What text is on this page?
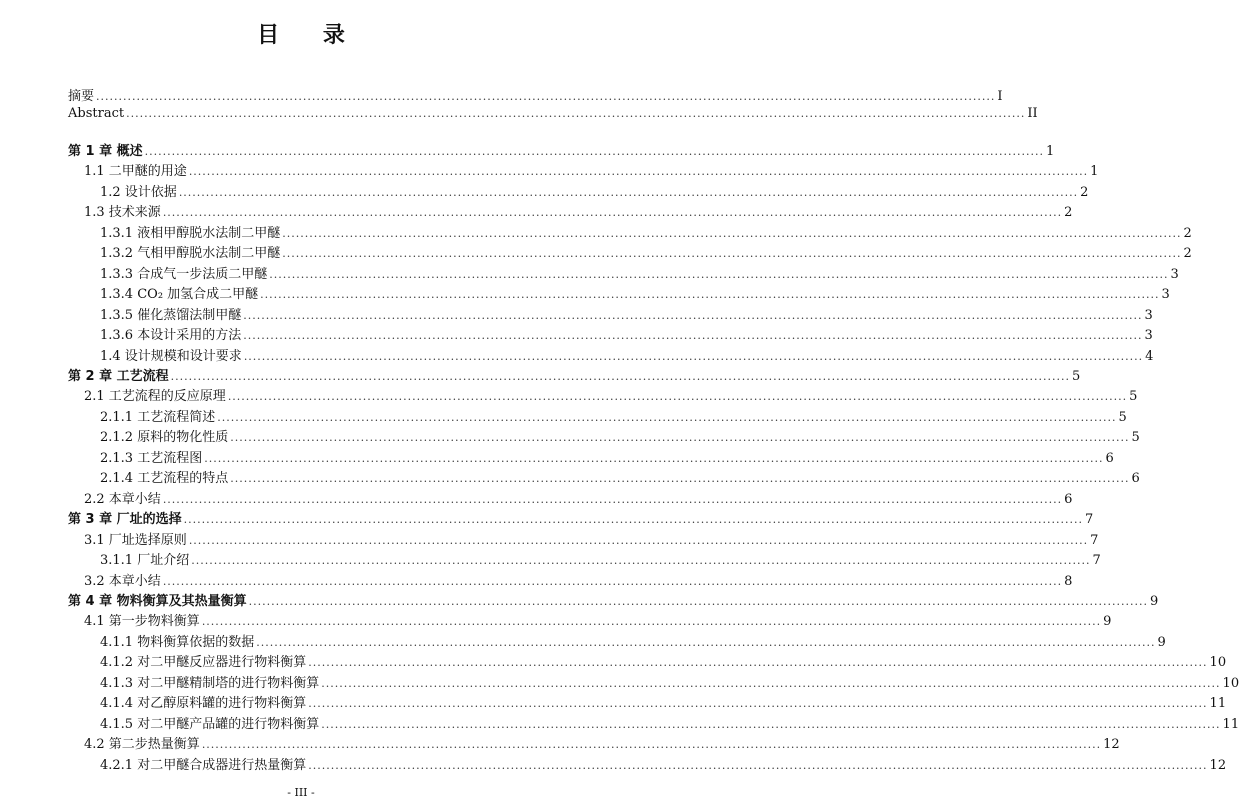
目 录
摘要 ........................................................................................................................................................................................................ I
Abstract ........................................................................................................................................................................................................ II
第 1 章 概述 ........................................................................................................................................................................................................ 1
1.1 二甲醚的用途 ........................................................................................................................................................................................................ 1
1.2 设计依据 ........................................................................................................................................................................................................ 2
1.3 技术来源 ........................................................................................................................................................................................................ 2
1.3.1 液相甲醇脱水法制二甲醚 ........................................................................................................................................................................................................ 2
1.3.2 气相甲醇脱水法制二甲醚 ........................................................................................................................................................................................................ 2
1.3.3 合成气一步法质二甲醚 ........................................................................................................................................................................................................ 3
1.3.4 CO₂ 加氢合成二甲醚 ........................................................................................................................................................................................................ 3
1.3.5 催化蒸馏法制甲醚 ........................................................................................................................................................................................................ 3
1.3.6 本设计采用的方法 ........................................................................................................................................................................................................ 3
1.4 设计规模和设计要求 ........................................................................................................................................................................................................ 4
第 2 章 工艺流程 ........................................................................................................................................................................................................ 5
2.1 工艺流程的反应原理 ........................................................................................................................................................................................................ 5
2.1.1 工艺流程简述 ........................................................................................................................................................................................................ 5
2.1.2 原料的物化性质 ........................................................................................................................................................................................................ 5
2.1.3 工艺流程图 ........................................................................................................................................................................................................ 6
2.1.4 工艺流程的特点 ........................................................................................................................................................................................................ 6
2.2 本章小结 ........................................................................................................................................................................................................ 6
第 3 章 厂址的选择 ........................................................................................................................................................................................................ 7
3.1 厂址选择原则 ........................................................................................................................................................................................................ 7
3.1.1 厂址介绍 ........................................................................................................................................................................................................ 7
3.2 本章小结 ........................................................................................................................................................................................................ 8
第 4 章 物料衡算及其热量衡算 ........................................................................................................................................................................................................ 9
4.1 第一步物料衡算 ........................................................................................................................................................................................................ 9
4.1.1 物料衡算依据的数据 ........................................................................................................................................................................................................ 9
4.1.2 对二甲醚反应器进行物料衡算 ........................................................................................................................................................................................................ 10
4.1.3 对二甲醚精制塔的进行物料衡算 ........................................................................................................................................................................................................ 10
4.1.4 对乙醇原料罐的进行物料衡算 ........................................................................................................................................................................................................ 11
4.1.5 对二甲醚产品罐的进行物料衡算 ........................................................................................................................................................................................................ 11
4.2 第二步热量衡算 ........................................................................................................................................................................................................ 12
4.2.1 对二甲醚合成器进行热量衡算 ........................................................................................................................................................................................................ 12
- III -
